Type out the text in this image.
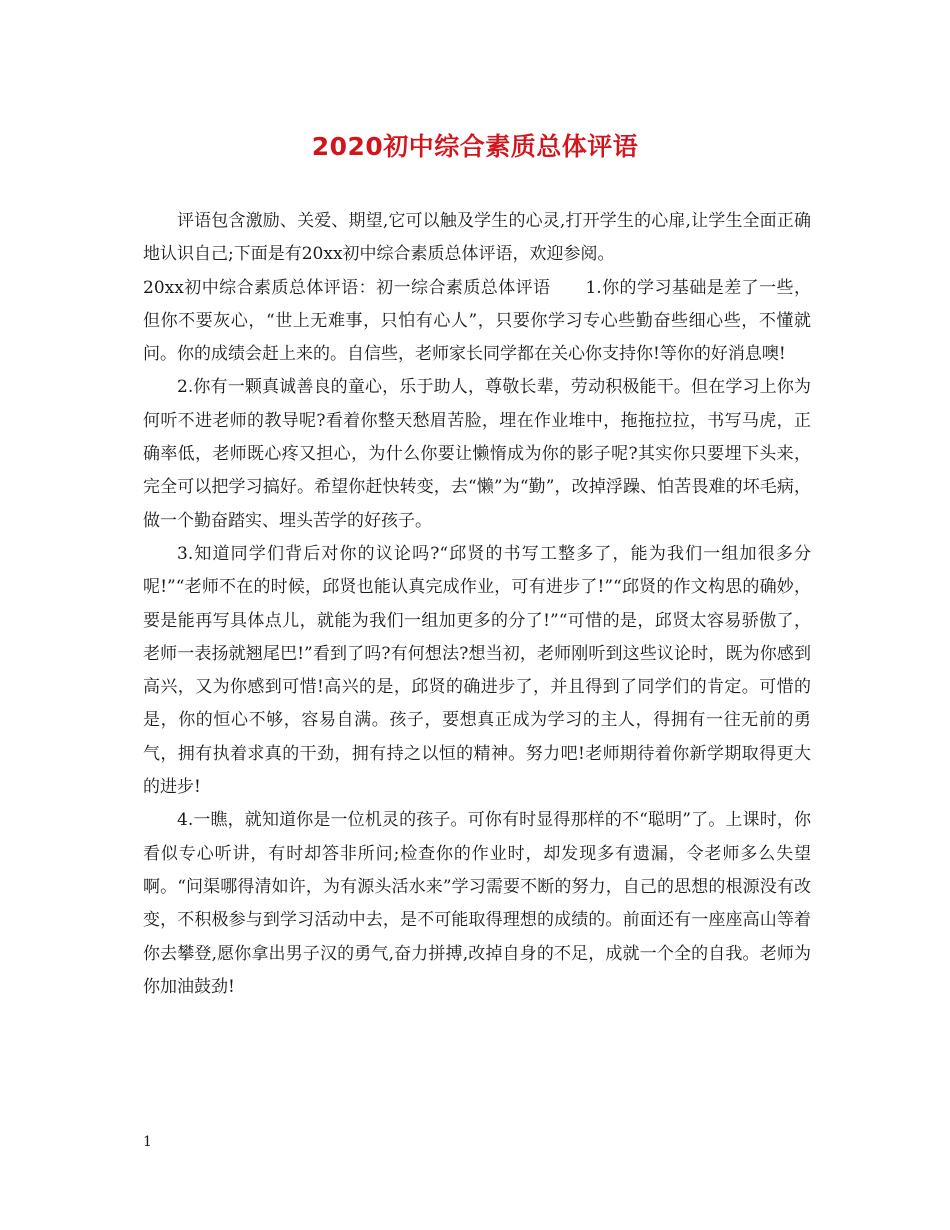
2020初中综合素质总体评语

评语包含激励、关爱、期望,它可以触及学生的心灵,打开学生的心扉,让学生全面正确地认识自己;下面是有20xx初中综合素质总体评语，欢迎参阅。

20xx初中综合素质总体评语：初一综合素质总体评语　　1.你的学习基础是差了一些，但你不要灰心，“世上无难事，只怕有心人”，只要你学习专心些勤奋些细心些，不懂就问。你的成绩会赶上来的。自信些，老师家长同学都在关心你支持你!等你的好消息噢!

2.你有一颗真诚善良的童心，乐于助人，尊敬长辈，劳动积极能干。但在学习上你为何听不进老师的教导呢?看着你整天愁眉苦脸，埋在作业堆中，拖拖拉拉，书写马虎，正确率低，老师既心疼又担心，为什么你要让懒惰成为你的影子呢?其实你只要埋下头来，完全可以把学习搞好。希望你赶快转变，去“懒”为“勤”，改掉浮躁、怕苦畏难的坏毛病，做一个勤奋踏实、埋头苦学的好孩子。

3.知道同学们背后对你的议论吗?“邱贤的书写工整多了，能为我们一组加很多分呢!”“老师不在的时候，邱贤也能认真完成作业，可有进步了!”“邱贤的作文构思的确妙，要是能再写具体点儿，就能为我们一组加更多的分了!”“可惜的是，邱贤太容易骄傲了，老师一表扬就翘尾巴!”看到了吗?有何想法?想当初，老师刚听到这些议论时，既为你感到高兴，又为你感到可惜!高兴的是，邱贤的确进步了，并且得到了同学们的肯定。可惜的是，你的恒心不够，容易自满。孩子，要想真正成为学习的主人，得拥有一往无前的勇气，拥有执着求真的干劲，拥有持之以恒的精神。努力吧!老师期待着你新学期取得更大的进步!

4.一瞧，就知道你是一位机灵的孩子。可你有时显得那样的不“聪明”了。上课时，你看似专心听讲，有时却答非所问;检查你的作业时，却发现多有遗漏，令老师多么失望啊。“问渠哪得清如许，为有源头活水来”学习需要不断的努力，自己的思想的根源没有改变，不积极参与到学习活动中去，是不可能取得理想的成绩的。前面还有一座座高山等着你去攀登,愿你拿出男子汉的勇气,奋力拼搏,改掉自身的不足，成就一个全的自我。老师为你加油鼓劲!

1
